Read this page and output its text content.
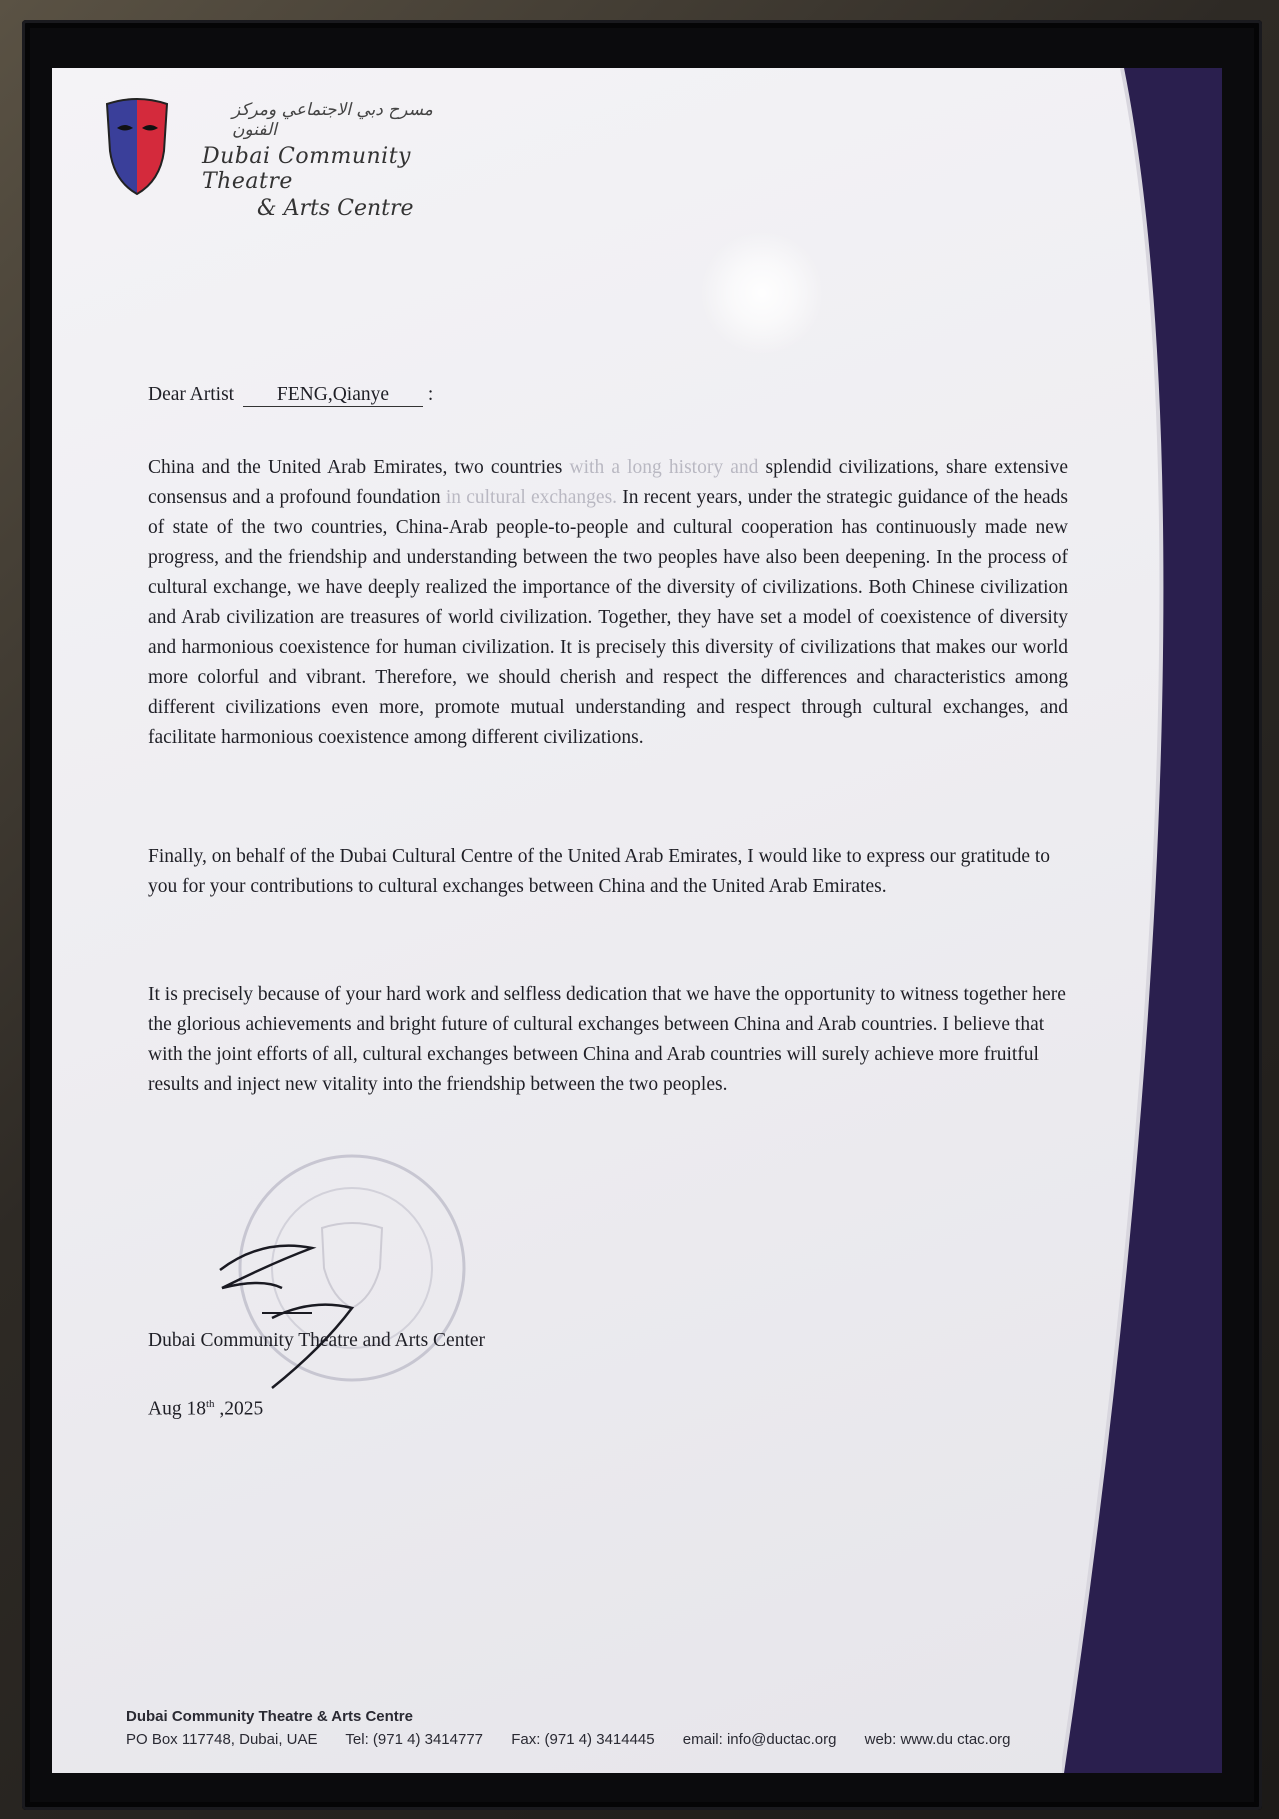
مسرح دبي الاجتماعي ومركز الفنون
Dubai Community Theatre
& Arts Centre
Dear Artist FENG,Qianye :
China and the United Arab Emirates, two countries with a long history and splendid civilizations, share extensive consensus and a profound foundation in cultural exchanges. In recent years, under the strategic guidance of the heads of state of the two countries, China-Arab people-to-people and cultural cooperation has continuously made new progress, and the friendship and understanding between the two peoples have also been deepening. In the process of cultural exchange, we have deeply realized the importance of the diversity of civilizations. Both Chinese civilization and Arab civilization are treasures of world civilization. Together, they have set a model of coexistence of diversity and harmonious coexistence for human civilization. It is precisely this diversity of civilizations that makes our world more colorful and vibrant. Therefore, we should cherish and respect the differences and characteristics among different civilizations even more, promote mutual understanding and respect through cultural exchanges, and facilitate harmonious coexistence among different civilizations.
Finally, on behalf of the Dubai Cultural Centre of the United Arab Emirates, I would like to express our gratitude to you for your contributions to cultural exchanges between China and the United Arab Emirates.
It is precisely because of your hard work and selfless dedication that we have the opportunity to witness together here the glorious achievements and bright future of cultural exchanges between China and Arab countries. I believe that with the joint efforts of all, cultural exchanges between China and Arab countries will surely achieve more fruitful results and inject new vitality into the friendship between the two peoples.
Dubai Community Theatre and Arts Center
Aug 18th ,2025
Dubai Community Theatre & Arts Centre
PO Box 117748, Dubai, UAE Tel: (971 4) 3414777 Fax: (971 4) 3414445 email: info@ductac.org web: www.du ctac.org
